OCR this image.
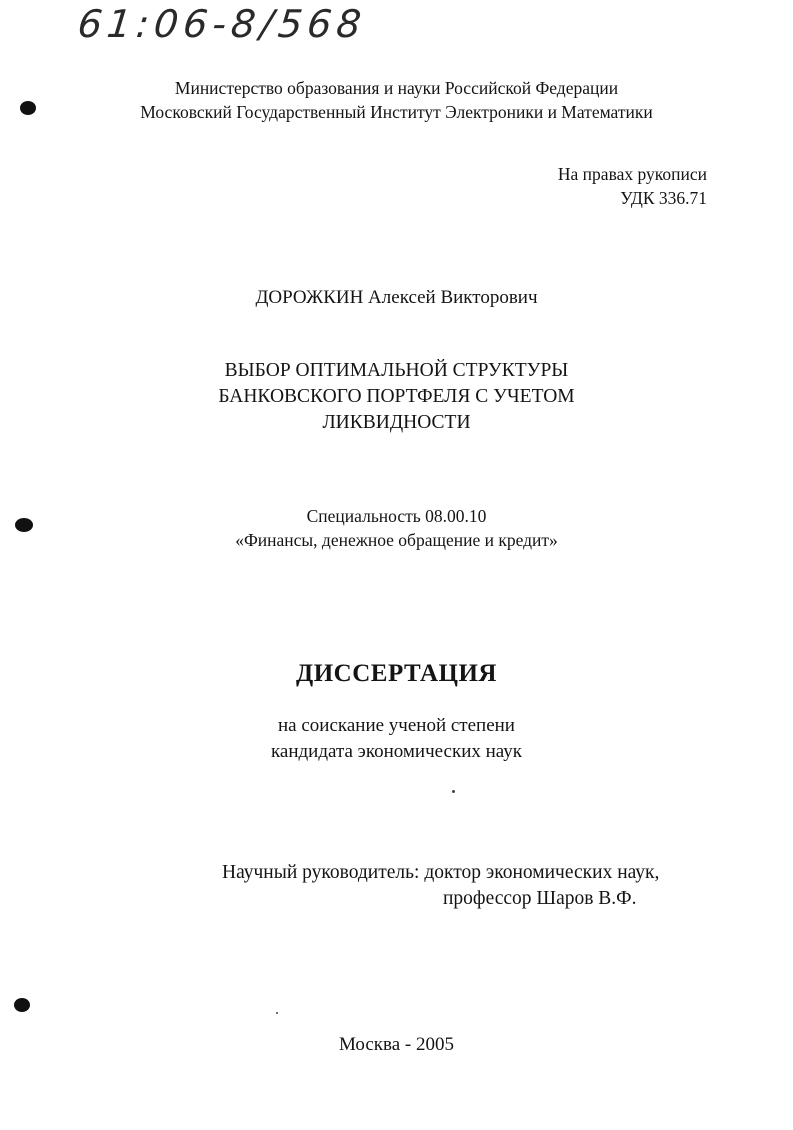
61:06-8/568
Министерство образования и науки Российской Федерации
Московский Государственный Институт Электроники и Математики
На правах рукописи
УДК 336.71
ДОРОЖКИН Алексей Викторович
ВЫБОР ОПТИМАЛЬНОЙ СТРУКТУРЫ
БАНКОВСКОГО ПОРТФЕЛЯ С УЧЕТОМ
ЛИКВИДНОСТИ
Специальность 08.00.10
«Финансы, денежное обращение и кредит»
ДИССЕРТАЦИЯ
на соискание ученой степени
кандидата экономических наук
Научный руководитель: доктор экономических наук,
профессор Шаров В.Ф.
Москва - 2005
